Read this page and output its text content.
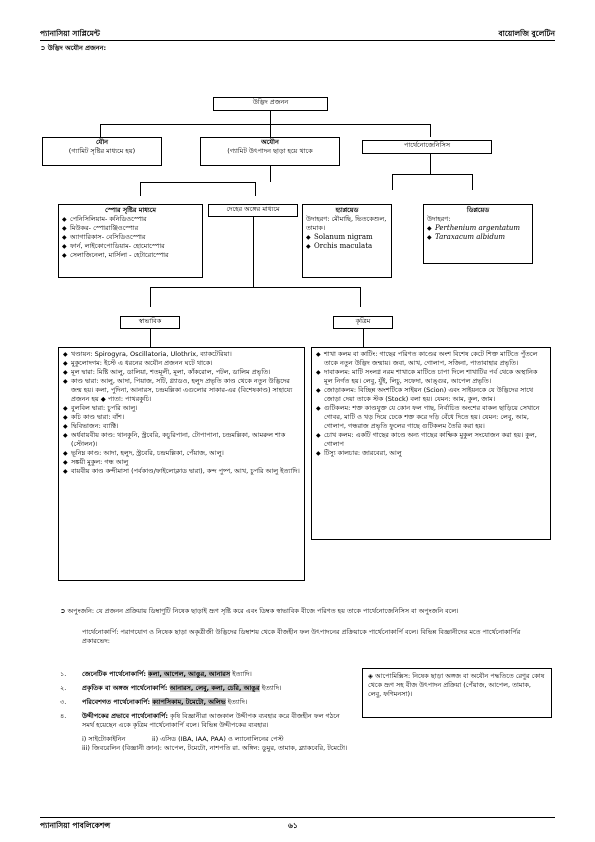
প্যানাসিয়া সাপ্লিমেন্ট	বায়োলজি বুলেটিন
➲ উদ্ভিদ অযৌন প্রজনন:
উদ্ভিদ প্রজনন
যৌন
(গ্যামিট সৃষ্টির মাধ্যমে হয়)
অযৌন
(গ্যামিট উৎপাদন ছাড়া হয়ে থাকে
পার্থেনোজেনিসিস
স্পোর সৃষ্টির মাধ্যমে
◆ পেনিসিলিয়াম- কনিডিওস্পোর
◆ মিউকর- স্পোরাঞ্জিওস্পোর
◆ অ্যাগারিকাস- বেসিডিওস্পোর
◆ ফার্ন, লাইকোপোডিয়াম- হোমোস্পোর
◆ সেলাজিনেলা, মার্সিলা - হেটারোস্পোর
দেহের অঙ্গের মাধ্যমে	হ্যাপ্লয়েড
উদাহরণ: মৌমাছি, ভিতকেশুল, তামাক।
◆ Solanum nigram
◆ Orchis maculata
ডিপ্লয়েড
উদাহরণ:
◆ Perthenium argentatum
◆ Taraxacum albidum
স্বাভাবিক	কৃত্রিম
◆ খণ্ডায়ন: Spirogyra, Oscillatoria, Ulothrix, ব্যাকটেরিয়া।
◆ মুকুলোদগম: ইস্টে এ ধরনের অযৌন প্রজনন ঘটে থাকে।
◆ মূল দ্বারা: মিষ্টি আলু, ডালিয়া, শতমূলী, মূলা, কাঁকরোল, পটল, ডালিম প্রভৃতি।
◆ কাণ্ড দ্বারা: আলু, আদা, পিয়াজ, সটি, গ্ল্যাডও, হলুদ প্রভৃতি কাণ্ড থেকে নতুন উদ্ভিদের জন্ম হয়। কলা, পুদিনা, আনারস, চন্দ্রমল্লিকা এগুলোর সাকার-এর (বিশেষকাণ্ড) সাহায্যে প্রজনন হয় ◆ পাতা: পাথরকুচি।
◆ বুলবিল দ্বারা: চুপরি আলু।
◆ কচি কাণ্ড দ্বারা: বাঁশ।
◆ দ্বিবিভাজন: ব্যাক্টি।
◆ অর্ধবায়বীয় কাণ্ড: থানকুনি, স্ট্রবেরি, কচুরিপানা, টোপাপানা, চন্দ্রমল্লিকা, আমরুল শাক (স্টোলন)।
◆ ভূনিম্ন কাণ্ড: আদা, হলুদ, স্ট্রবেরি, চন্দ্রমল্লিকা, পেঁয়াজ, আলু।
◆ সঙ্কয়ী মুকুল: গন্ধ আলু
◆ বায়বীয় কাণ্ড কন্দীমাসা (পর্বকাণ্ড/ফাইলোক্লাড দ্বারা), কন্দ পুষ্প, আখ, চুপরি আলু ইত্যাদি।
◆ শাখা কলম বা কাটিং: গাছের পরিণত কাণ্ডের অংশ বিশেষ কেটে শিক্ত মাটিতে পুঁতলে তাকে নতুন উদ্ভিদ জন্মায়। জবা, আখ, গোলাপ, সজিনা, পাতাবাহার প্রভৃতি।
◆ দাবাকলম: মাটি সংলগ্ন নরম শাখাকে মাটিতে চাপা দিলে শাখাটির পর্ব থেকে অস্থানিক মূল নির্গত হয়। লেবু, যুঁই, লিচু, সফেদা, আঙ্গুর, আপেল প্রভৃতি।
◆ জোড়াকলম: বিচ্ছিন্ন অংশটিকে সাইয়ন (Scion) এবং সাইয়নকে যে উদ্ভিদের সাথে জোড়া দেয়া তাকে স্টক (Stock) বলা হয়। যেমন: আম, কুল, জাম।
◆ গুটিকলম: শক্ত কাণ্ডযুক্ত যে কোন ফল গাছ, নির্বাচিত অংশের বাকল ছাড়িয়ে সেখানে গোবর, মাটি ও খড় দিয়ে ঢেকে শক্ত করে দড়ি বেঁধে দিতে হয়। যেমন: লেবু, আম, গোলাপ, গন্ধরাজ প্রভৃতি ফুলের গাছে গুটিকলম তৈরি করা হয়।
◆ চোখ কলম: একটি গাছের কাণ্ডে অন্য গাছের কাক্ষিক মুকুল সংযোজন করা হয়। কুল, গোলাপ
◆ টিস্যু কালচার: জারবেরা, আলু
➲ অপুংজনি: যে প্রজনন প্রক্রিয়ায় ডিম্বাণুটি নিষেক ছাড়াই ভ্রূণ সৃষ্টি করে এবং ডিম্বক স্বাভাবিক বীজে পরিণত হয় তাকে পার্থেনোজেনিসিস বা অপুংজনি বলে।
পার্থেনোকার্পি: পরাগযোগ ও নিষেক ছাড়া অকৃত্রীজী উদ্ভিদের ডিম্বাশয় থেকে বীজহীন ফল উৎপাদনের প্রক্রিয়াকে পার্থেনোকার্পি বলে। বিভিন্ন বিজ্ঞানীদের মতে পার্থেনোকার্পির প্রকারভেদ:
১. জেনেটিক পার্থেনোকার্পি: কলা, আপেল, আঙুর, আনারস ইত্যাদি।
২. প্রকৃতিক বা অঙ্গজ পার্থেনোকার্পি: আনারস, লেবু, কলা, চেরি, আঙুর ইত্যাদি।
৩. পরিবেশগত পার্থেনোকার্পি: ক্যাপসিকাম, টমেটো, অলিভ ইত্যাদি।
৪. উদ্দীপকের প্রভাবে পার্থেনোকার্পি: কৃষি বিজ্ঞানীরা আজকাল উদ্দীপক ব্যবহার করে বীজহীন ফল গঠনে সমর্থ হয়েছেন একে কৃত্রিম পার্থেনোকার্পি বলে। বিভিন্ন উদ্দীপকের ব্যবহার।
i) সাইটোকাইনিন	ii) এসিড (IBA, IAA, PAA) ও ল্যানোলিনের পেস্ট
iii) জিবরেলিন (বিজ্ঞানী ক্রান): আপেল, টমেটো, নাশপতি রা. অঙ্গিন: ডুমুর, তামাক, ব্ল্যাকবেরি, টমেটো।
◈ আপোমিক্সিস: নিষেক ছাড়া অঙ্গজ বা অযৌন পদ্ধতিতে রেণুর কোষ থেকে ভ্রূণ সহ বীজ উৎপাদন প্রক্রিয়া (পেঁয়াজ, আপেল, তামাক, লেবু, ফণিমনসা)।
প্যানাসিয়া পাবলিকেশন্স	৬১
